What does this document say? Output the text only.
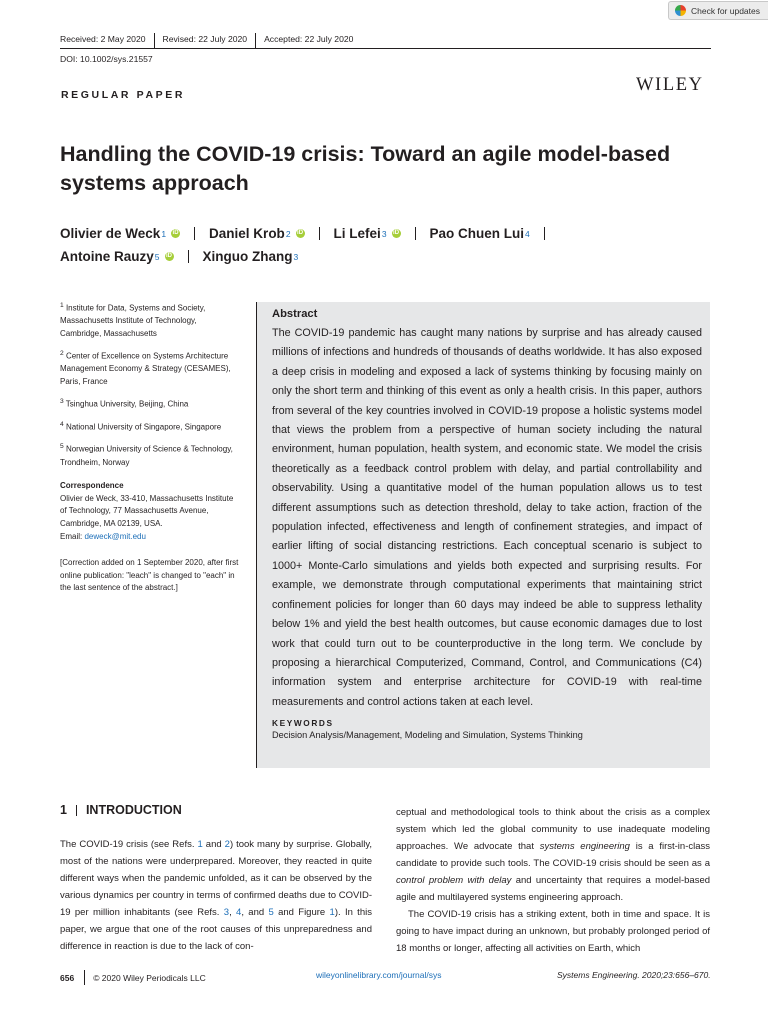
Check for updates
Received: 2 May 2020 Revised: 22 July 2020 Accepted: 22 July 2020
DOI: 10.1002/sys.21557
WILEY
REGULAR PAPER
Handling the COVID-19 crisis: Toward an agile model-based systems approach
Olivier de Weck 1 iD Daniel Krob 2 iD Li Lefei 3 iD Pao Chuen Lui 4
Antoine Rauzy 5 iD Xinguo Zhang 3

$^1$ Institute for Data, Systems and Society, Massachusetts Institute of Technology, Cambridge, Massachusetts

$^2$ Center of Excellence on Systems Architecture Management Economy & Strategy (CESAMES), Paris, France

$^3$ Tsinghua University, Beijing, China

$^4$ National University of Singapore, Singapore

$^5$ Norwegian University of Science & Technology, Trondheim, Norway

Correspondence

Olivier de Weck, 33-410, Massachusetts Institute of Technology, 77 Massachusetts Avenue, Cambridge, MA 02139, USA.
Email: deweck@mit.edu

[Correction added on 1 September 2020, after first online publication: "leach" is changed to "each" in the last sentence of the abstract.]

Abstract

The COVID-19 pandemic has caught many nations by surprise and has already caused millions of infections and hundreds of thousands of deaths worldwide. It has also exposed a deep crisis in modeling and exposed a lack of systems thinking by focusing mainly on only the short term and thinking of this event as only a health crisis. In this paper, authors from several of the key countries involved in COVID-19 propose a holistic systems model that views the problem from a perspective of human society including the natural environment, human population, health system, and economic state. We model the crisis theoretically as a feedback control problem with delay, and partial controllability and observability. Using a quantitative model of the human population allows us to test different assumptions such as detection threshold, delay to take action, fraction of the population infected, effectiveness and length of confinement strategies, and impact of earlier lifting of social distancing restrictions. Each conceptual scenario is subject to 1000+ Monte-Carlo simulations and yields both expected and surprising results. For example, we demonstrate through computational experiments that maintaining strict confinement policies for longer than 60 days may indeed be able to suppress lethality below 1% and yield the best health outcomes, but cause economic damages due to lost work that could turn out to be counterproductive in the long term. We conclude by proposing a hierarchical Computerized, Command, Control, and Communications (C4) information system and enterprise architecture for COVID-19 with real-time measurements and control actions taken at each level.

KEYWORDS
Decision Analysis/Management, Modeling and Simulation, Systems Thinking
1 INTRODUCTION

The COVID-19 crisis (see Refs. 1 and 2) took many by surprise. Globally, most of the nations were underprepared. Moreover, they reacted in quite different ways when the pandemic unfolded, as it can be observed by the various dynamics per country in terms of confirmed deaths due to COVID-19 per million inhabitants (see Refs. 3, 4, and 5 and Figure 1). In this paper, we argue that one of the root causes of this unpreparedness and difference in reaction is due to the lack of con-

ceptual and methodological tools to think about the crisis as a complex system which led the global community to use inadequate modeling approaches. We advocate that systems engineering is a first-in-class candidate to provide such tools. The COVID-19 crisis should be seen as a control problem with delay and uncertainty that requires a model-based agile and multilayered systems engineering approach.

The COVID-19 crisis has a striking extent, both in time and space. It is going to have impact during an unknown, but probably prolonged period of 18 months or longer, affecting all activities on Earth, which

656 © 2020 Wiley Periodicals LLC	wileyonlinelibrary.com/journal/sys	Systems Engineering. 2020;23:656–670.
